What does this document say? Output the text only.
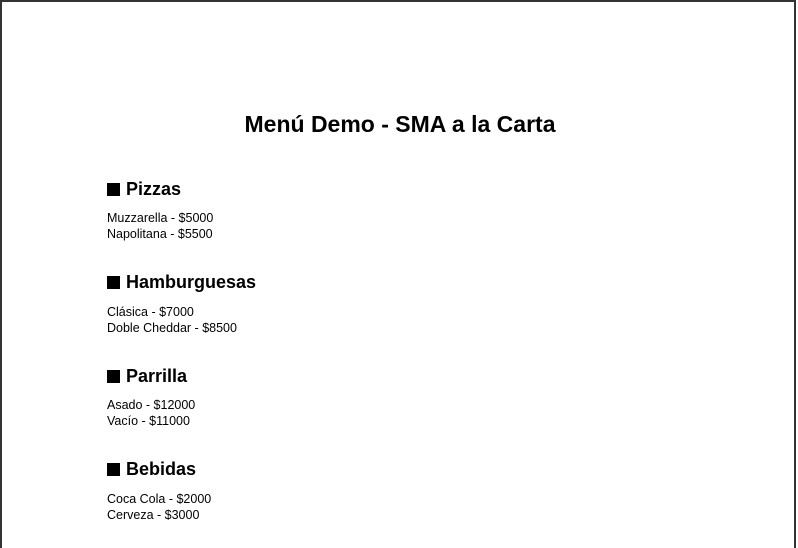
Menú Demo - SMA a la Carta
Pizzas
Muzzarella - $5000
Napolitana - $5500
Hamburguesas
Clásica - $7000
Doble Cheddar - $8500
Parrilla
Asado - $12000
Vacío - $11000
Bebidas
Coca Cola - $2000
Cerveza - $3000
